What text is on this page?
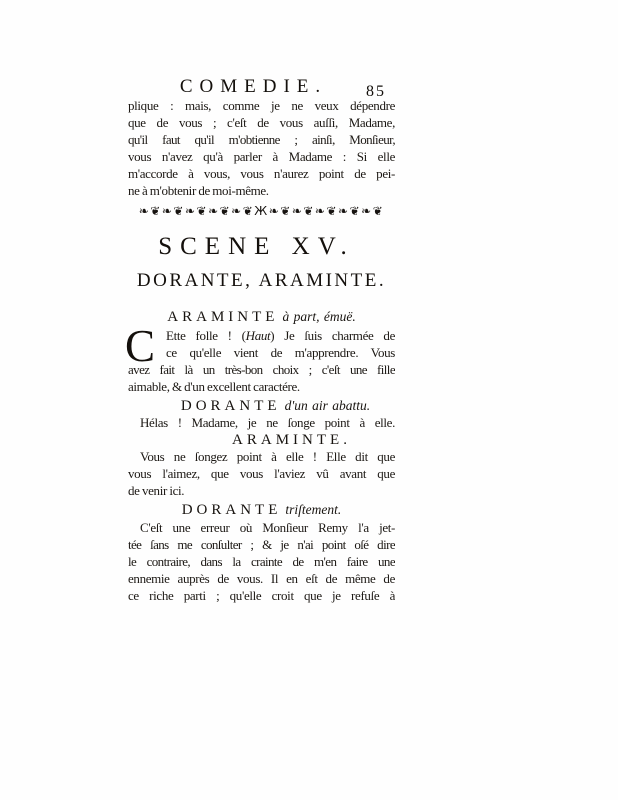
COMEDIE.	85
plique : mais, comme je ne veux dépendre
que de vous ; c'eſt de vous auſſi, Madame,
qu'il faut qu'il m'obtienne ; ainſi, Monſieur,
vous n'avez qu'à parler à Madame : Si elle
m'accorde à vous, vous n'aurez point de pei-
ne à m'obtenir de moi-même.
❧❦❧❦❧❦❧❦❧❦Ж❧❦❧❦❧❦❧❦❧❦
SCENE XV.
DORANTE, ARAMINTE.
ARAMINTE à part, émuë.
C Ette folle ! (Haut) Je ſuis charmée de
ce qu'elle vient de m'apprendre. Vous
avez fait là un très-bon choix ; c'eſt une fille
aimable, & d'un excellent caractére.
DORANTE d'un air abattu.
Hélas ! Madame, je ne ſonge point à elle.
ARAMINTE.
Vous ne ſongez point à elle ! Elle dit que
vous l'aimez, que vous l'aviez vû avant que
de venir ici.
DORANTE triſtement.
C'eſt une erreur où Monſieur Remy l'a jet-
tée ſans me conſulter ; & je n'ai point oſé dire
le contraire, dans la crainte de m'en faire une
ennemie auprès de vous. Il en eſt de même de
ce riche parti ; qu'elle croit que je refuſe à
